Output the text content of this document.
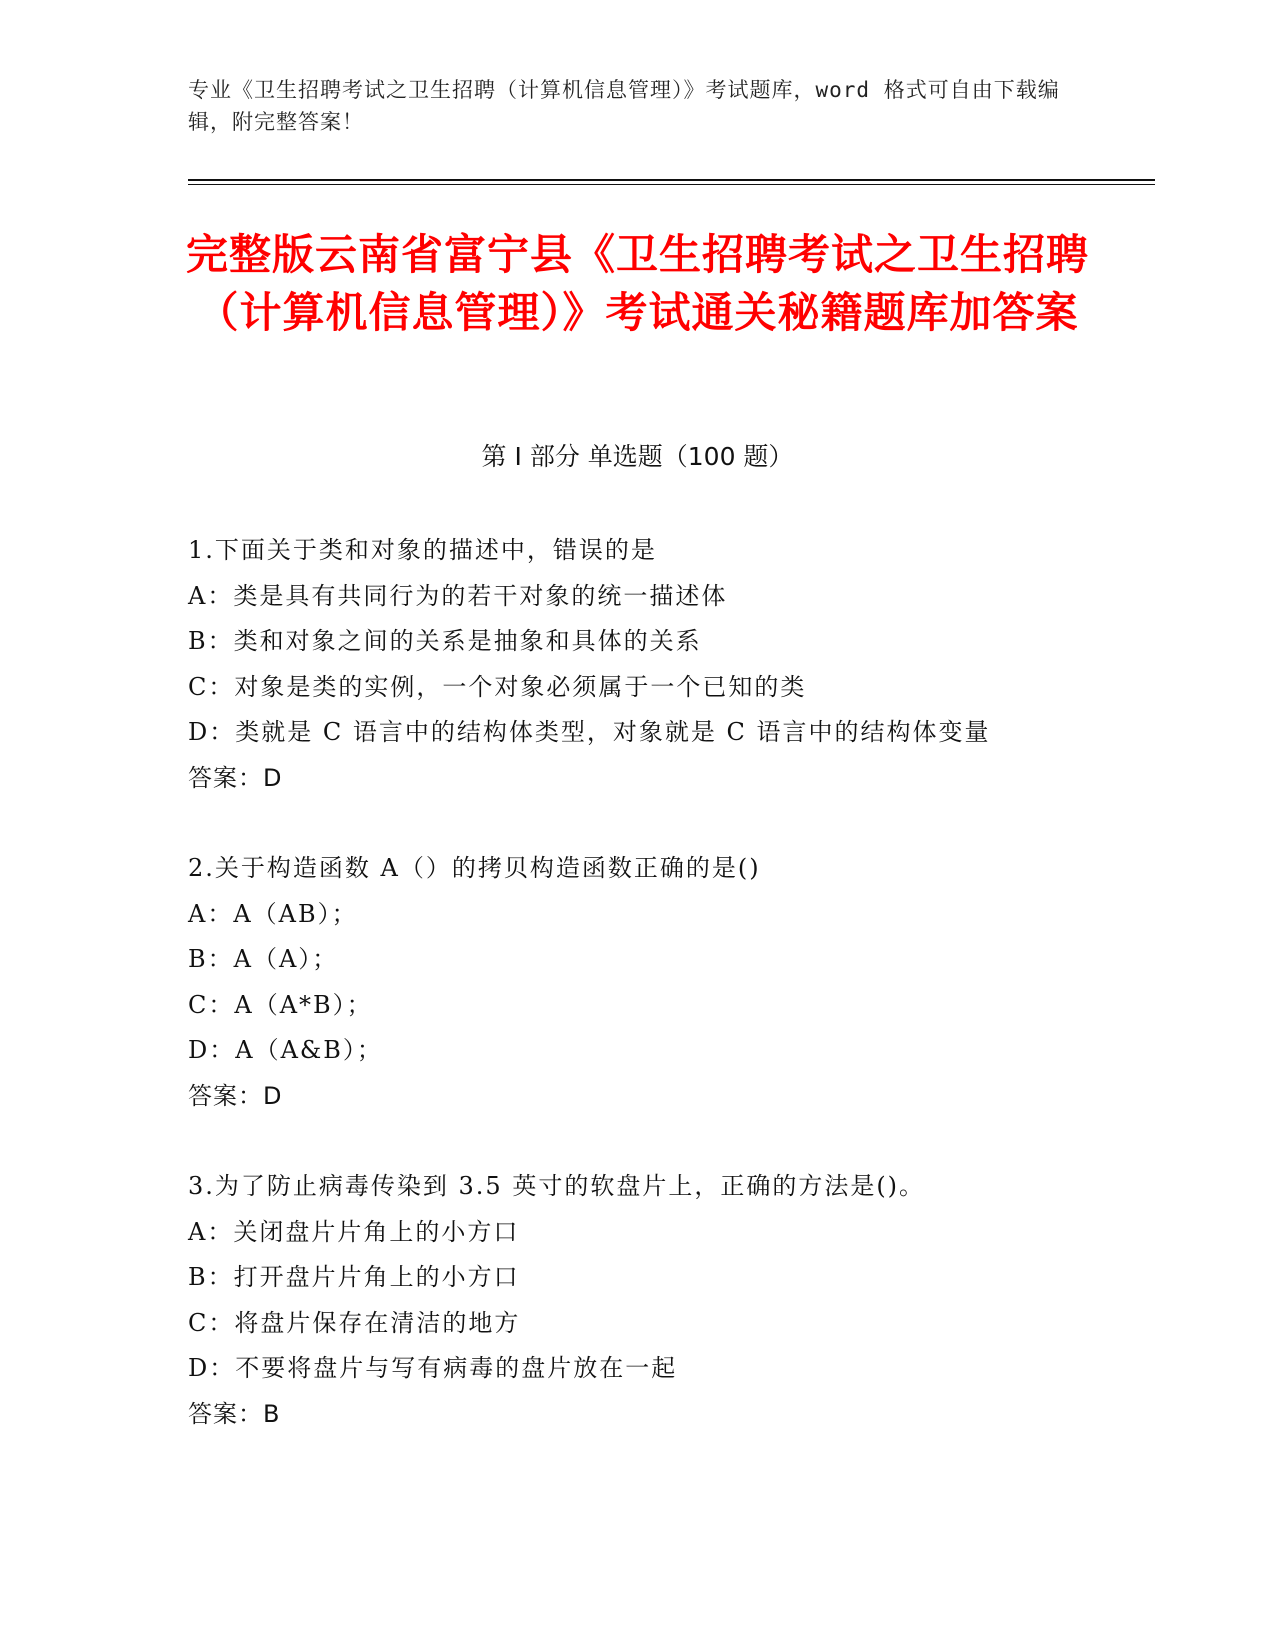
专业《卫生招聘考试之卫生招聘（计算机信息管理）》考试题库，word 格式可自由下载编辑，附完整答案！
完整版云南省富宁县《卫生招聘考试之卫生招聘（计算机信息管理）》考试通关秘籍题库加答案
第 I 部分 单选题（100 题）
1.下面关于类和对象的描述中，错误的是
A：类是具有共同行为的若干对象的统一描述体
B：类和对象之间的关系是抽象和具体的关系
C：对象是类的实例，一个对象必须属于一个已知的类
D：类就是 C 语言中的结构体类型，对象就是 C 语言中的结构体变量
答案：D
2.关于构造函数 A（）的拷贝构造函数正确的是()
A：A（AB）；
B：A（A）；
C：A（A*B）；
D：A（A&B）；
答案：D
3.为了防止病毒传染到 3.5 英寸的软盘片上，正确的方法是()。
A：关闭盘片片角上的小方口
B：打开盘片片角上的小方口
C：将盘片保存在清洁的地方
D：不要将盘片与写有病毒的盘片放在一起
答案：B
